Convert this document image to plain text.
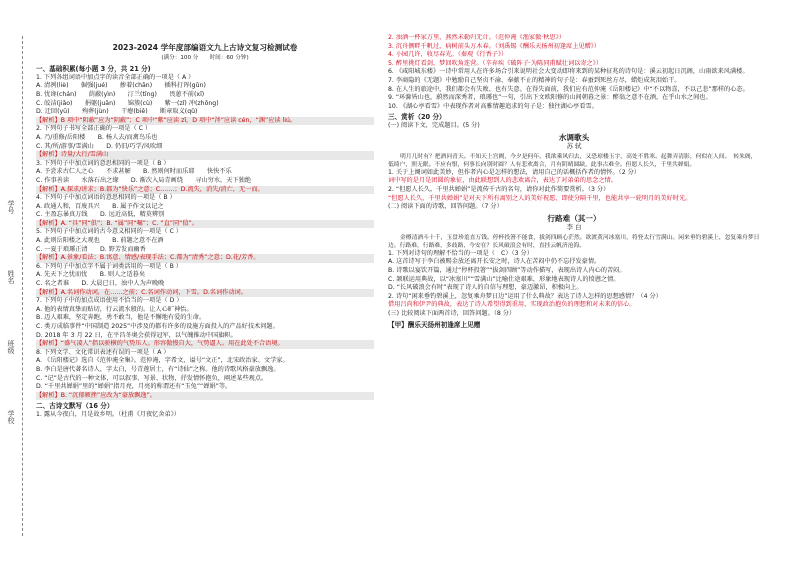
学号
姓名
班级
学校
2023-2024 学年度部编语文九上古诗文复习检测试卷
(满分：100 分　　时间：60 分钟)
一、基础积累(每小题 3 分，共 21 分)
1. 下列各组词语中加点字的读音全部正确的一项是（ A ）
A. 清冽(liè)　　倔强(jué)　　掺着(chān)　　插科打诨(gǔn)
B. 忧谗(chán)　　荫蔽(yìn)　　汀兰(tīng)　　畏葸不前(xǐ)
C. 皎洁(jiǎo)　　捐躯(juān)　　锦簇(cù)　　紫一(zǐ) 冲(zhōng)
D. 迂回(yū)　　殉葬(jùn)　　干瘪(biě)　　断章取义(qǔ)
【解析】B 项中“阴蔽”应为“阴蔽”；C 项中“紫”应读 zǐ，D 项中“涔”应读 cén，“渊”应读 liú。
2. 下列句子书写全部正确的一项是（ C ）
A. 乃/重修/岳阳楼　　B. 杨人去/而禽鸟乐也
C. 其/所/游事/雪满山　　D. 仍旧/巧学/风吹细
【解析】诗量/大行/雪满山
3. 下列句子中加点词的意思相同的一项是（ B ）
A. 予尝求古仁人之心　　不求甚解　　B. 然则何时而乐耶　　快快不乐
C. 作事善读　　水落石出之缘　　D. 渐次入局青画绕　　寻山穷水，天下独绝
【解析】A.探求/讲求；B.都为“快乐”之意；C.……；D.流失，消失/消亡，无一而。
4. 下列句子中加点词语的意思相同的一项是（ B ）
A. 政通人和，百废具兴　　B. 属予作文以记之
C. 主盈忘暴真万线　　D. 远近高低，精莫辨别
【解析】A. “具”同“俱”；B. “属”同“嘱”；C. “直”同“值”。
5. 下列句子中加点词的古今意义相同的一项是（ C ）
A. 此则岳阳楼之大观也　　B. 前题之意不在酒
C. 一夏于琅琊正清　　D. 野芳发而幽香
【解析】A.景象/看法；B.寓意、情感/表现手法；C.都为“清秀”之意；D.花/芳香。
6. 下列句子中加点字不属于词类活用的一项是（ B ）
A. 先天下之忧而忧　　B. 则人之适暮矣
C. 名之者谁　　D. 大晨已日，浊中人为声晚晚
【解析】A.名词作动词，在……之前；C.名词作动词，下雪。D.名词作动词。
7. 下列句子中的加点成语使用不恰当的一项是（ D ）
A. 他的表情真挚而贴切，行云流水般的。让人心旷神怡。
B. 迈人艰难，坚定奔跑，勇不敢当，他是不懈地有爱的生命。
C. 类万成临事件“中国制造 2025”中涉及的都有许多的设施方面投入的产品好技术问题。
D. 2018 年 3 月 22 日，在平昌冬奥会获得冠军，以气魄推动中国旗帜。
【解析】“盛气凌人”指以骄横的气势压人。形容傲慢自大，气势逼人。用在此处不合语境。
8. 下列文学、文化常识表述有误的一项是（ A ）
A. 《岳阳楼记》选自《范仲淹全集》。范仲淹，字希文，谥号“文正”，北宋政治家、文学家。
B. 李白是唐代著名诗人，字太白，号青莲居士，有“诗仙”之称。他的诗歌风格豪放飘逸。
C. “记”是古代的一种文体，可以叙事、写景、状物，抒发情怀抱负，阐述某些观点。
D. “千里共婵娟”里的“婵娟”指月亮，月亮的称谓还有“玉兔”“婵娟”等。
【解析】B. “沉郁顿挫”应改为“豪放飘逸”。
二、古诗文默写（16 分）
1. 露从今夜白，月是故乡明。（杜甫《月夜忆舍弟》）
2. 浊酒一杯家万里，燕然未勒归无计。（范仲淹《渔家傲·秋思》）
3. 沉舟侧畔千帆过，病树前头万木春。（刘禹锡《酬乐天扬州初逢席上见赠》）
4. 小园几许，收尽春光。（秦观《行香子》）
5. 醉里挑灯看剑，梦回吹角连营。（辛弃疾《破阵子·为陈同甫赋壮词以寄之》）
6. 《咸阳城东楼》一诗中常用人在许多场合引来说明社会大变动即将来到的某种征兆的诗句是：溪云初起日沉阁，山雨欲来风满楼。
7. 李商隐的《无题》中勉励自己坚贞不渝、奉献不止的精神的句子是：春蚕到死丝方尽，蜡炬成灰泪始干。
8. 在人生的旅途中，我们都会有失败、也有失意。在得失面前，我们应有范仲淹《岳阳楼记》中“不以物喜，不以己悲”那样的心态。
9. “环滁皆山也，蔚然而深秀者，琅琊也”一句，引出下文欧阳修的山间朝暮之景：醉翁之意不在酒，在乎山水之间也。
10. 《湖心亭看雪》中表现作者对高雅情趣追求的句子是：独往湖心亭看雪。
三、赏析（20 分）
(一) 阅读下文，完成题目。(5 分)
水调歌头
苏 轼
明月几时有？把酒问青天。不知天上宫阙，今夕是何年。我欲乘风归去，又恐琼楼玉宇，高处不胜寒。起舞弄清影，何似在人间。　转朱阁，低绮户，照无眠。不应有恨，何事长向别时圆？人有悲欢离合，月有阴晴圆缺，此事古难全。但愿人长久，千里共婵娟。
1. 关于上阕词如此美妙，但作者内心是怎样的想法，请用自己的话概括作者的情怀。（2 分）
词中写的是月是团圆的象征，由此联想到人的悲欢离合，表达了对弟弟的思念之情。
2. “但愿人长久，千里共婵娟”是流传千古的名句，请你对此作简要赏析。（3 分）
“但愿人长久，千里共婵娟”是对天下所有离别之人的美好祝愿，即使分隔千里，也能共享一轮明月的美好时光。
(二) 阅读下面的诗歌，回答问题。（7 分）
行路难（其一）
李 白
金樽清酒斗十千，玉盘珍羞直万钱。停杯投箸不能食，拔剑四顾心茫然。欲渡黄河冰塞川，将登太行雪满山。闲来垂钓碧溪上，忽复乘舟梦日边。行路难，行路难，多歧路，今安在？长风破浪会有时，直挂云帆济沧海。
1. 下列对诗句的理解不恰当的一项是（　C）（3 分）
A. 这首诗写于李白被赐金放还离开长安之时，诗人在苦闷中仍不忘抒发豪情。
B. 诗歌以宴饮开篇，通过“停杯投箸”“拔剑四顾”等动作描写，表现出诗人内心的苦闷。
C. 颔联运用典故，以“冰塞川”“雪满山”比喻仕途艰难，形象地表现诗人的愤懑之情。
D. “长风破浪会有时”表现了诗人的自信与理想，豪迈激昂，积极向上。
2. 诗句“闲来垂钓碧溪上，忽复乘舟梦日边”运用了什么典故？表达了诗人怎样的思想感情？（4 分）
借用吕尚和伊尹的典故，表达了诗人希望得到重用、实现政治抱负的理想和对未来的信心。
(三) 比较阅读下面两首诗，回答问题。（8 分）
【甲】酬乐天扬州初逢席上见赠
